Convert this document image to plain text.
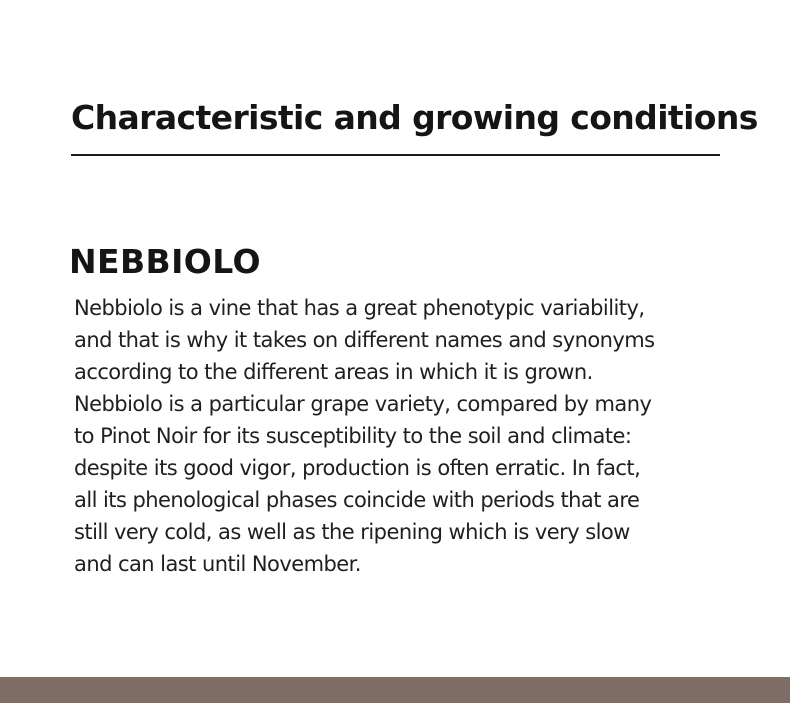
Characteristic and growing conditions
NEBBIOLO

Nebbiolo is a vine that has a great phenotypic variability,
and that is why it takes on different names and synonyms
according to the different areas in which it is grown.
Nebbiolo is a particular grape variety, compared by many
to Pinot Noir for its susceptibility to the soil and climate:
despite its good vigor, production is often erratic. In fact,
all its phenological phases coincide with periods that are
still very cold, as well as the ripening which is very slow
and can last until November.
